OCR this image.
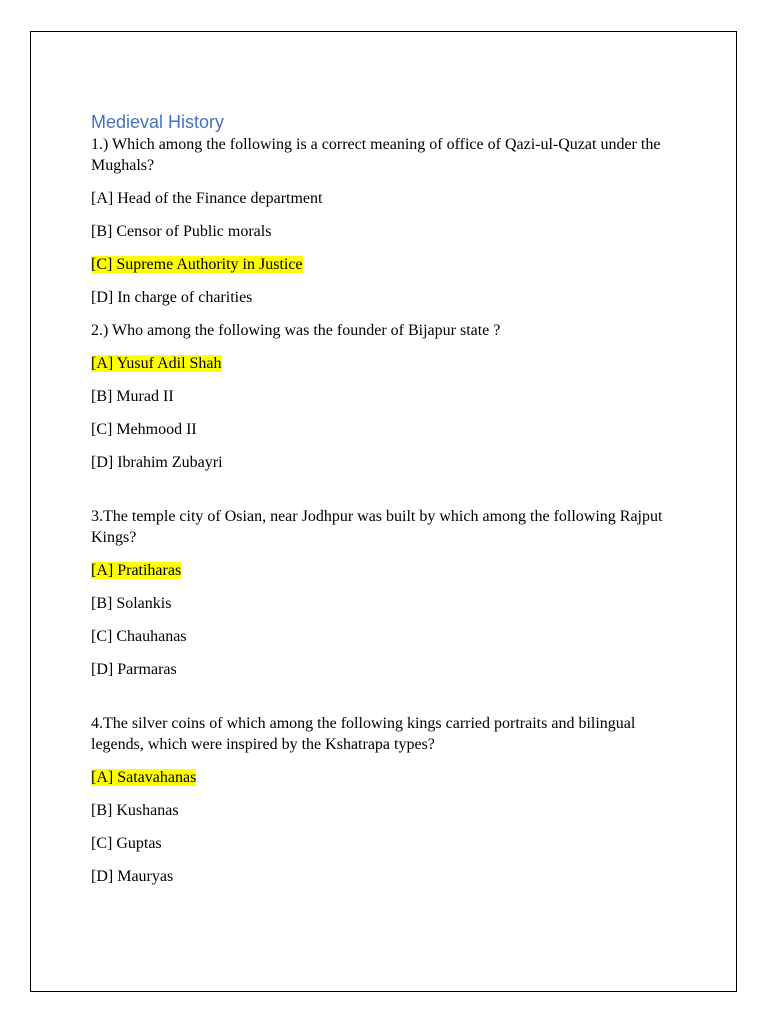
Medieval History

1.) Which among the following is a correct meaning of office of Qazi-ul-Quzat under the Mughals?

[A] Head of the Finance department

[B] Censor of Public morals

[C] Supreme Authority in Justice

[D] In charge of charities

2.) Who among the following was the founder of Bijapur state ?

[A] Yusuf Adil Shah

[B] Murad II

[C] Mehmood II

[D] Ibrahim Zubayri

3.The temple city of Osian, near Jodhpur was built by which among the following Rajput Kings?

[A] Pratiharas

[B] Solankis

[C] Chauhanas

[D] Parmaras

4.The silver coins of which among the following kings carried portraits and bilingual legends, which were inspired by the Kshatrapa types?

[A] Satavahanas

[B] Kushanas

[C] Guptas

[D] Mauryas
